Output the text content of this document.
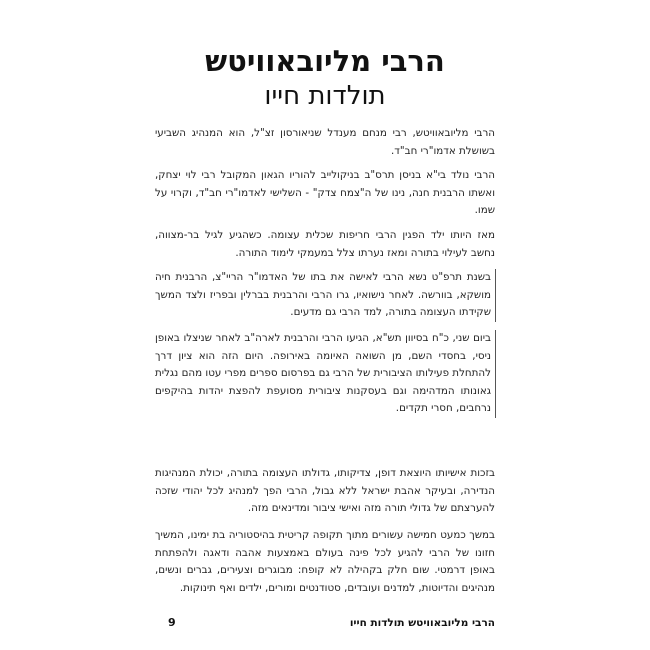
הרבי מליובאוויטש
תולדות חייו

הרבי מליובאוויטש, רבי מנחם מענדל שניאורסון זצ"ל, הוא המנהיג השביעי בשושלת אדמו"רי חב"ד.

הרבי נולד בי"א בניסן תרס"ב בניקולייב להוריו הגאון המקובל רבי לוי יצחק, ואשתו הרבנית חנה, נינו של ה"צמח צדק" - השלישי לאדמו"רי חב"ד, וקרוי על שמו.

מאז היותו ילד הפגין הרבי חריפות שכלית עצומה. כשהגיע לגיל בר-מצווה, נחשב לעילוי בתורה ומאז נערתו צלל במעמקי לימוד התורה.

בשנת תרפ"ט נשא הרבי לאישה את בתו של האדמו"ר הריי"צ, הרבנית חיה מושקא, בוורשה. לאחר נישואיו, גרו הרבי והרבנית בברלין ובפריז ולצד המשך שקידתו העצומה בתורה, למד הרבי גם מדעים.

ביום שני, כ"ח בסיוון תש"א, הגיעו הרבי והרבנית לארה"ב לאחר שניצלו באופן ניסי, בחסדי השם, מן השואה האיומה באירופה. היום הזה הוא ציון דרך להתחלת פעילותו הציבורית של הרבי גם בפרסום ספרים מפרי עטו מהם נגלית גאונותו המדהימה וגם בעסקנות ציבורית מסועפת להפצת יהדות בהיקפים נרחבים, חסרי תקדים.

בזכות אישיותו היוצאת דופן, צדיקותו, גדולתו העצומה בתורה, יכולת המנהיגות הנדירה, ובעיקר אהבת ישראל ללא גבול, הרבי הפך למנהיג לכל יהודי שזכה להערצתם של גדולי תורה מזה ואישי ציבור ומדינאים מזה.

במשך כמעט חמישה עשורים מתוך תקופה קריטית בהיסטוריה בת ימינו, המשיך חזונו של הרבי להגיע לכל פינה בעולם באמצעות אהבה ודאגה ולהפתחת באופן דרמטי. שום חלק בקהילה לא קופח: מבוגרים וצעירים, גברים ונשים, מנהיגים והדיוטות, למדנים ועובדים, סטודנטים ומורים, ילדים ואף תינוקות.

הרבי מליובאוויטש תולדות חייו
9
